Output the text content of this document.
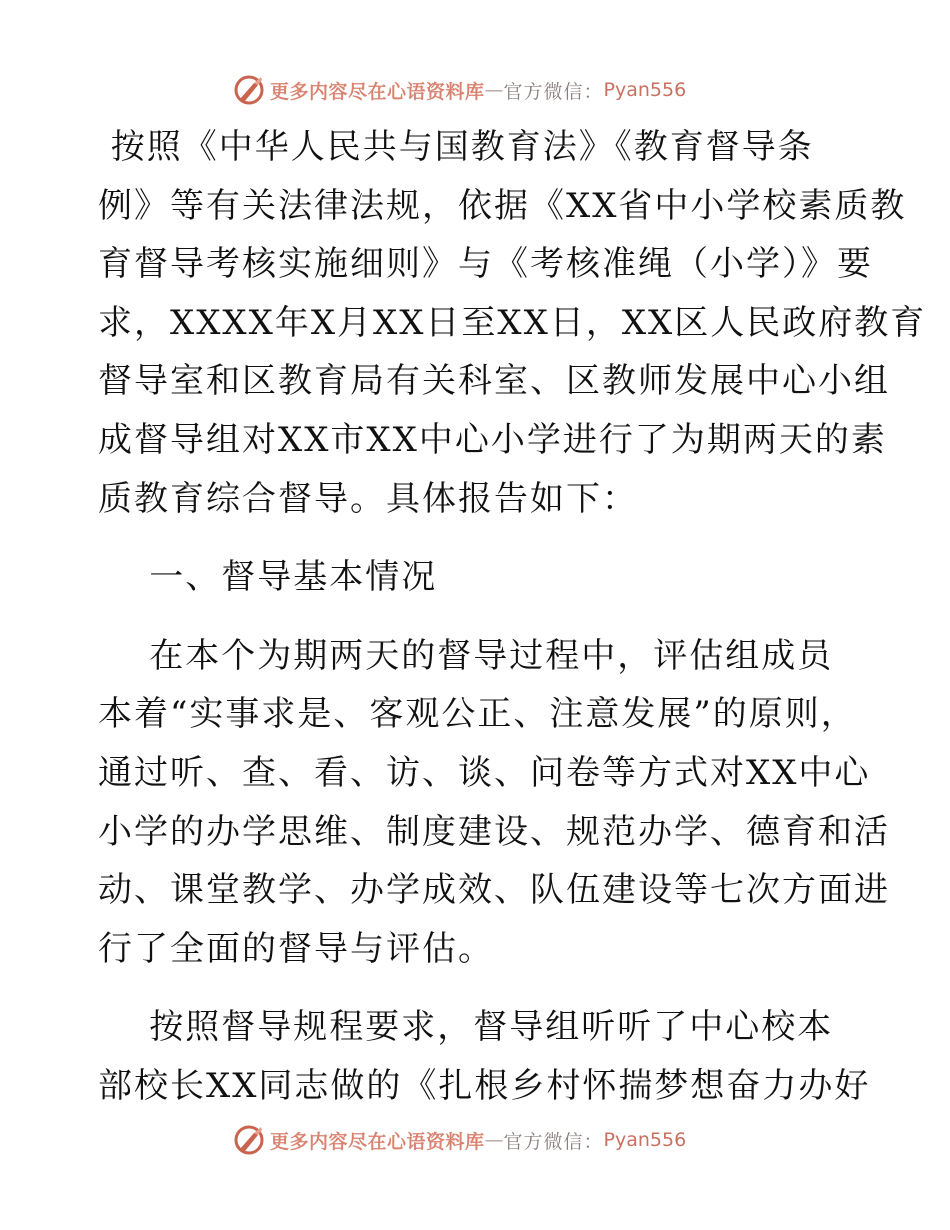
更多内容尽在心语资料库 — 官方微信： Pyan556
按照《中华人民共与国教育法》《教育督导条
例》等有关法律法规，依据《XX省中小学校素质教
育督导考核实施细则》与《考核准绳（小学）》要
求，XXXX年X月XX日至XX日，XX区人民政府教育
督导室和区教育局有关科室、区教师发展中心小组
成督导组对XX市XX中心小学进行了为期两天的素
质教育综合督导。具体报告如下：
一、督导基本情况
在本个为期两天的督导过程中，评估组成员
本着“实事求是、客观公正、注意发展”的原则，
通过听、查、看、访、谈、问卷等方式对XX中心
小学的办学思维、制度建设、规范办学、德育和活
动、课堂教学、办学成效、队伍建设等七次方面进
行了全面的督导与评估。
按照督导规程要求，督导组听听了中心校本
部校长XX同志做的《扎根乡村怀揣梦想奋力办好
更多内容尽在心语资料库 — 官方微信： Pyan556
